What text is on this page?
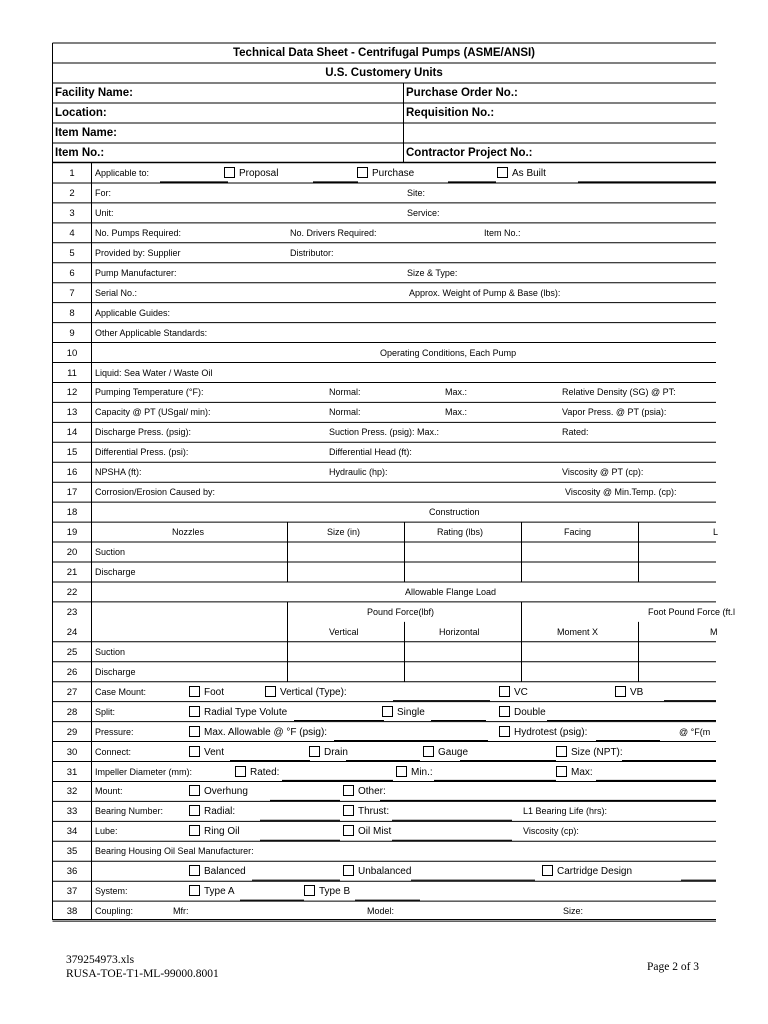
Technical Data Sheet - Centrifugal Pumps (ASME/ANSI)
U.S. Customery Units
Facility Name:	Purchase Order No.:
Location:	Requisition No.:
Item Name:
Item No.:	Contractor Project No.:
1	Applicable to:	Proposal	Purchase	As Built
2	For:	Site:
3	Unit:	Service:
4	No. Pumps Required:	No. Drivers Required:	Item No.:
5	Provided by: Supplier	Distributor:
6	Pump Manufacturer:	Size & Type:
7	Serial No.:	Approx. Weight of Pump & Base (lbs):
8	Applicable Guides:
9	Other Applicable Standards:
10	Operating Conditions, Each Pump
11	Liquid: Sea Water / Waste Oil
12	Pumping Temperature (°F):	Normal:	Max.:	Relative Density (SG) @ PT:
13	Capacity @ PT (USgal/ min):	Normal:	Max.:	Vapor Press. @ PT (psia):
14	Discharge Press. (psig):	Suction Press. (psig): Max.:	Rated:
15	Differential Press. (psi):	Differential Head (ft):
16	NPSHA (ft):	Hydraulic (hp):	Viscosity @ PT (cp):
17	Corrosion/Erosion Caused by:	Viscosity @ Min.Temp. (cp):
18	Construction
19	Nozzles	Size (in)	Rating (lbs)	Facing	L
20	Suction
21	Discharge
22	Allowable Flange Load
23	Pound Force(lbf)	Foot Pound Force (ft.l
24	Vertical	Horizontal	Moment X	M
25	Suction
26	Discharge
27	Case Mount:	Foot	Vertical (Type):	VC	VB
28	Split:	Radial Type Volute	Single	Double
29	Pressure:	Max. Allowable @ °F (psig):	Hydrotest (psig):	@ °F(m
30	Connect:	Vent	Drain	Gauge	Size (NPT):
31	Impeller Diameter (mm):	Rated:	Min.:	Max:
32	Mount:	Overhung	Other:
33	Bearing Number:	Radial:	Thrust:	L1 Bearing Life (hrs):
34	Lube:	Ring Oil	Oil Mist	Viscosity (cp):
35	Bearing Housing Oil Seal Manufacturer:
36	Balanced	Unbalanced	Cartridge Design
37	System:	Type A	Type B
38	Coupling:	Mfr:	Model:	Size:
379254973.xls
RUSA-TOE-T1-ML-99000.8001
Page 2 of 3
